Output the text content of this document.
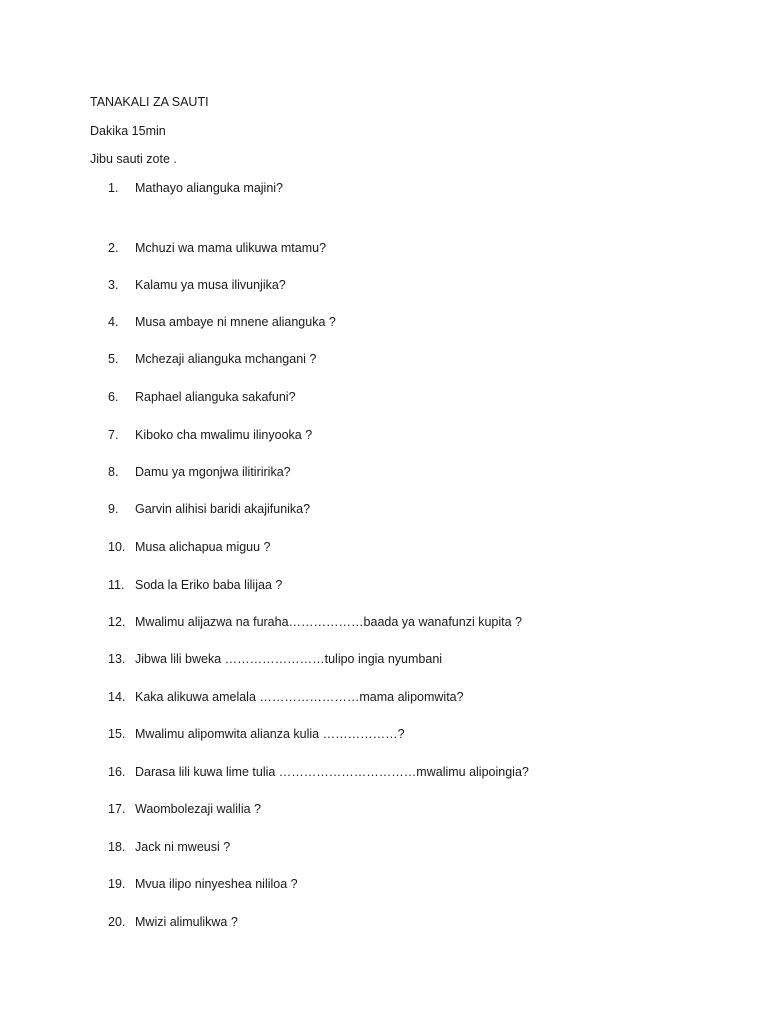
TANAKALI ZA SAUTI
Dakika 15min
Jibu sauti zote .
1. Mathayo alianguka majini?
2. Mchuzi wa mama ulikuwa mtamu?
3. Kalamu ya musa ilivunjika?
4. Musa ambaye ni mnene alianguka ?
5. Mchezaji alianguka mchangani ?
6. Raphael alianguka sakafuni?
7. Kiboko cha mwalimu ilinyooka ?
8. Damu ya mgonjwa ilitiririka?
9. Garvin alihisi baridi akajifunika?
10. Musa alichapua miguu ?
11. Soda la Eriko baba lilijaa ?
12. Mwalimu alijazwa na furaha………………baada ya wanafunzi kupita ?
13. Jibwa lili bweka ……………………tulipo ingia nyumbani
14. Kaka alikuwa amelala ……………………mama alipomwita?
15. Mwalimu alipomwita alianza kulia ………………?
16. Darasa lili kuwa lime tulia ……………………………mwalimu alipoingia?
17. Waombolezaji walilia ?
18. Jack ni mweusi ?
19. Mvua ilipo ninyeshea nililoa ?
20. Mwizi alimulikwa ?
